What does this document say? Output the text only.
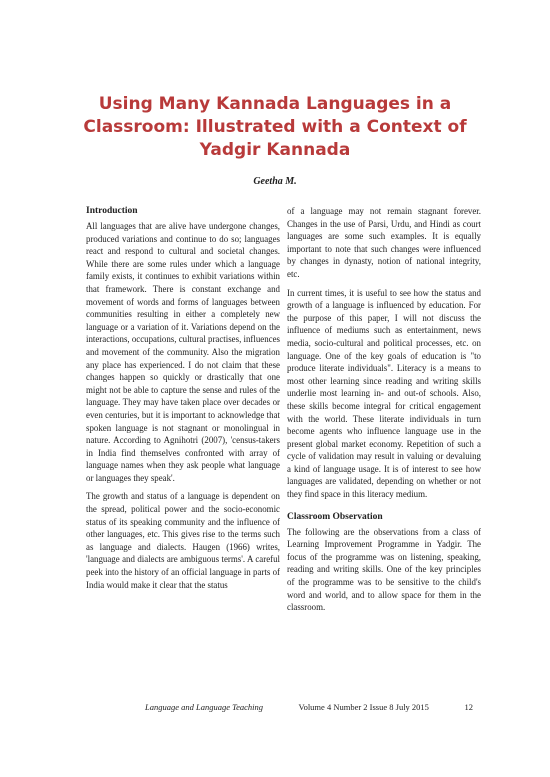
Using Many Kannada Languages in a
Classroom: Illustrated with a Context of
Yadgir Kannada

Geetha M.

Introduction

All languages that are alive have undergone changes, produced variations and continue to do so; languages react and respond to cultural and societal changes. While there are some rules under which a language family exists, it continues to exhibit variations within that framework. There is constant exchange and movement of words and forms of languages between communities resulting in either a completely new language or a variation of it. Variations depend on the interactions, occupations, cultural practises, influences and movement of the community. Also the migration any place has experienced. I do not claim that these changes happen so quickly or drastically that one might not be able to capture the sense and rules of the language. They may have taken place over decades or even centuries, but it is important to acknowledge that spoken language is not stagnant or monolingual in nature. According to Agnihotri (2007), 'census-takers in India find themselves confronted with array of language names when they ask people what language or languages they speak'.

The growth and status of a language is dependent on the spread, political power and the socio-economic status of its speaking community and the influence of other languages, etc. This gives rise to the terms such as language and dialects. Haugen (1966) writes, 'language and dialects are ambiguous terms'. A careful peek into the history of an official language in parts of India would make it clear that the status

of a language may not remain stagnant forever. Changes in the use of Parsi, Urdu, and Hindi as court languages are some such examples. It is equally important to note that such changes were influenced by changes in dynasty, notion of national integrity, etc.

In current times, it is useful to see how the status and growth of a language is influenced by education. For the purpose of this paper, I will not discuss the influence of mediums such as entertainment, news media, socio-cultural and political processes, etc. on language. One of the key goals of education is "to produce literate individuals". Literacy is a means to most other learning since reading and writing skills underlie most learning in- and out-of schools. Also, these skills become integral for critical engagement with the world. These literate individuals in turn become agents who influence language use in the present global market economy. Repetition of such a cycle of validation may result in valuing or devaluing a kind of language usage. It is of interest to see how languages are validated, depending on whether or not they find space in this literacy medium.

Classroom Observation

The following are the observations from a class of Learning Improvement Programme in Yadgir. The focus of the programme was on listening, speaking, reading and writing skills. One of the key principles of the programme was to be sensitive to the child's word and world, and to allow space for them in the classroom.

Language and Language Teaching	Volume 4 Number 2 Issue 8 July 2015	12
